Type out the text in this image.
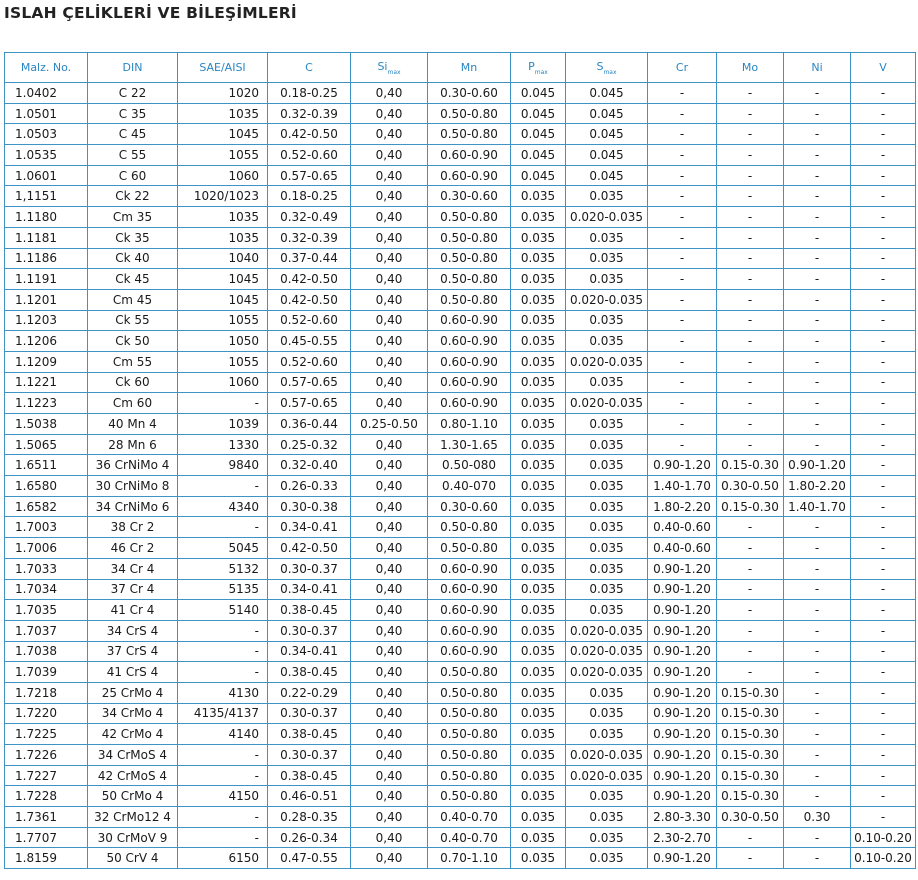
ISLAH ÇELİKLERİ VE BİLEŞİMLERİ
Malz. No.	DIN	SAE/AISI	C	$Si_{max}$	Mn	$P_{max}$	$S_{max}$	Cr	Mo	Ni	V
1.0402	C 22	1020	0.18-0.25	0,40	0.30-0.60	0.045	0.045	-	-	-	-
1.0501	C 35	1035	0.32-0.39	0,40	0.50-0.80	0.045	0.045	-	-	-	-
1.0503	C 45	1045	0.42-0.50	0,40	0.50-0.80	0.045	0.045	-	-	-	-
1.0535	C 55	1055	0.52-0.60	0,40	0.60-0.90	0.045	0.045	-	-	-	-
1.0601	C 60	1060	0.57-0.65	0,40	0.60-0.90	0.045	0.045	-	-	-	-
1,1151	Ck 22	1020/1023	0.18-0.25	0,40	0.30-0.60	0.035	0.035	-	-	-	-
1.1180	Cm 35	1035	0.32-0.49	0,40	0.50-0.80	0.035	0.020-0.035	-	-	-	-
1.1181	Ck 35	1035	0.32-0.39	0,40	0.50-0.80	0.035	0.035	-	-	-	-
1.1186	Ck 40	1040	0.37-0.44	0,40	0.50-0.80	0.035	0.035	-	-	-	-
1.1191	Ck 45	1045	0.42-0.50	0,40	0.50-0.80	0.035	0.035	-	-	-	-
1.1201	Cm 45	1045	0.42-0.50	0,40	0.50-0.80	0.035	0.020-0.035	-	-	-	-
1.1203	Ck 55	1055	0.52-0.60	0,40	0.60-0.90	0.035	0.035	-	-	-	-
1.1206	Ck 50	1050	0.45-0.55	0,40	0.60-0.90	0.035	0.035	-	-	-	-
1.1209	Cm 55	1055	0.52-0.60	0,40	0.60-0.90	0.035	0.020-0.035	-	-	-	-
1.1221	Ck 60	1060	0.57-0.65	0,40	0.60-0.90	0.035	0.035	-	-	-	-
1.1223	Cm 60	-	0.57-0.65	0,40	0.60-0.90	0.035	0.020-0.035	-	-	-	-
1.5038	40 Mn 4	1039	0.36-0.44	0.25-0.50	0.80-1.10	0.035	0.035	-	-	-	-
1.5065	28 Mn 6	1330	0.25-0.32	0,40	1.30-1.65	0.035	0.035	-	-	-	-
1.6511	36 CrNiMo 4	9840	0.32-0.40	0,40	0.50-080	0.035	0.035	0.90-1.20	0.15-0.30	0.90-1.20	-
1.6580	30 CrNiMo 8	-	0.26-0.33	0,40	0.40-070	0.035	0.035	1.40-1.70	0.30-0.50	1.80-2.20	-
1.6582	34 CrNiMo 6	4340	0.30-0.38	0,40	0.30-0.60	0.035	0.035	1.80-2.20	0.15-0.30	1.40-1.70	-
1.7003	38 Cr 2	-	0.34-0.41	0,40	0.50-0.80	0.035	0.035	0.40-0.60	-	-	-
1.7006	46 Cr 2	5045	0.42-0.50	0,40	0.50-0.80	0.035	0.035	0.40-0.60	-	-	-
1.7033	34 Cr 4	5132	0.30-0.37	0,40	0.60-0.90	0.035	0.035	0.90-1.20	-	-	-
1.7034	37 Cr 4	5135	0.34-0.41	0,40	0.60-0.90	0.035	0.035	0.90-1.20	-	-	-
1.7035	41 Cr 4	5140	0.38-0.45	0,40	0.60-0.90	0.035	0.035	0.90-1.20	-	-	-
1.7037	34 CrS 4	-	0.30-0.37	0,40	0.60-0.90	0.035	0.020-0.035	0.90-1.20	-	-	-
1.7038	37 CrS 4	-	0.34-0.41	0,40	0.60-0.90	0.035	0.020-0.035	0.90-1.20	-	-	-
1.7039	41 CrS 4	-	0.38-0.45	0,40	0.50-0.80	0.035	0.020-0.035	0.90-1.20	-	-	-
1.7218	25 CrMo 4	4130	0.22-0.29	0,40	0.50-0.80	0.035	0.035	0.90-1.20	0.15-0.30	-	-
1.7220	34 CrMo 4	4135/4137	0.30-0.37	0,40	0.50-0.80	0.035	0.035	0.90-1.20	0.15-0.30	-	-
1.7225	42 CrMo 4	4140	0.38-0.45	0,40	0.50-0.80	0.035	0.035	0.90-1.20	0.15-0.30	-	-
1.7226	34 CrMoS 4	-	0.30-0.37	0,40	0.50-0.80	0.035	0.020-0.035	0.90-1.20	0.15-0.30	-	-
1.7227	42 CrMoS 4	-	0.38-0.45	0,40	0.50-0.80	0.035	0.020-0.035	0.90-1.20	0.15-0.30	-	-
1.7228	50 CrMo 4	4150	0.46-0.51	0,40	0.50-0.80	0.035	0.035	0.90-1.20	0.15-0.30	-	-
1.7361	32 CrMo12 4	-	0.28-0.35	0,40	0.40-0.70	0.035	0.035	2.80-3.30	0.30-0.50	0.30	-
1.7707	30 CrMoV 9	-	0.26-0.34	0,40	0.40-0.70	0.035	0.035	2.30-2.70	-	-	0.10-0.20
1.8159	50 CrV 4	6150	0.47-0.55	0,40	0.70-1.10	0.035	0.035	0.90-1.20	-	-	0.10-0.20
